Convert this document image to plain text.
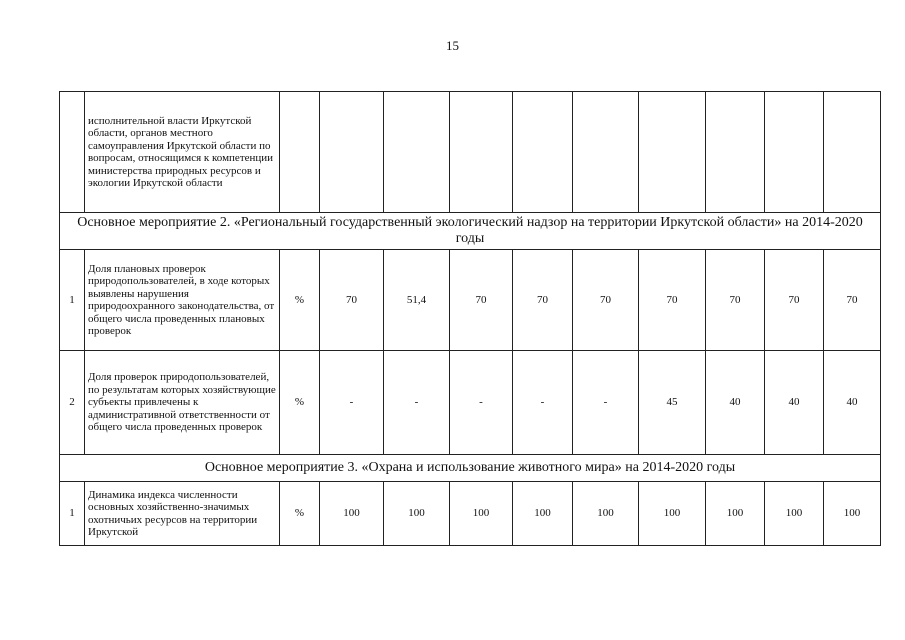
15
	исполнительной власти Иркутской области, органов местного самоуправления Иркутской области по вопросам, относящимся к компетенции министерства природных ресурсов и экологии Иркутской области										
Основное мероприятие 2. «Региональный государственный экологический надзор на территории Иркутской области» на 2014-2020 годы											
1	Доля плановых проверок природопользователей, в ходе которых выявлены нарушения природоохранного законодательства, от общего числа проведенных плановых проверок	%	70	51,4	70	70	70	70	70	70	70
2	Доля проверок природопользователей, по результатам которых хозяйствующие субъекты привлечены к административной ответственности от общего числа проведенных проверок	%	-	-	-	-	-	45	40	40	40
Основное мероприятие 3. «Охрана и использование животного мира» на 2014-2020 годы											
1	Динамика индекса численности основных хозяйственно-значимых охотничьих ресурсов на территории Иркутской	%	100	100	100	100	100	100	100	100	100
